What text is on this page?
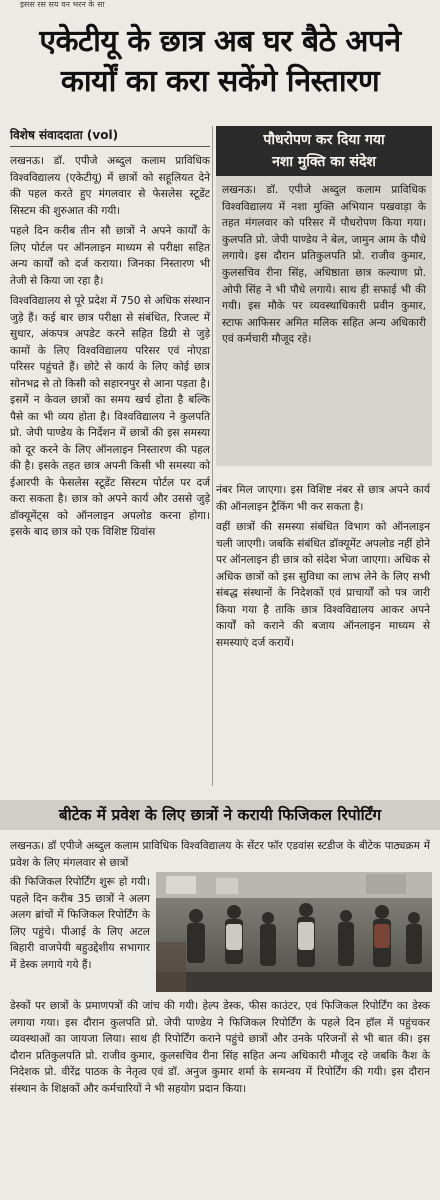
इसस रस सय वन भरन के सा
एकेटीयू के छात्र अब घर बैठे अपने
कार्यों का करा सकेंगे निस्तारण
विशेष संवाददाता (vol)

लखनऊ। डॉ. एपीजे अब्दुल कलाम प्राविधिक विश्वविद्यालय (एकेटीयू) में छात्रों को सहूलियत देने की पहल करते हुए मंगलवार से फेसलेस स्टूडेंट सिस्टम की शुरुआत की गयी।

पहले दिन करीब तीन सौ छात्रों ने अपने कार्यों के लिए पोर्टल पर ऑनलाइन माध्यम से परीक्षा सहित अन्य कार्यों को दर्ज कराया। जिनका निस्तारण भी तेजी से किया जा रहा है।

विश्वविद्यालय से पूरे प्रदेश में 750 से अधिक संस्थान जुड़े हैं। कई बार छात्र परीक्षा से संबंधित, रिजल्ट में सुधार, अंकपत्र अपडेट करने सहित डिग्री से जुड़े कामों के लिए विश्वविद्यालय परिसर एवं नोएडा परिसर पहुंचते हैं। छोटे से कार्य के लिए कोई छात्र सोनभद्र से तो किसी को सहारनपुर से आना पड़ता है। इसमें न केवल छात्रों का समय खर्च होता है बल्कि पैसे का भी व्यय होता है। विश्वविद्यालय ने कुलपति प्रो. जेपी पाण्डेय के निर्देशन में छात्रों की इस समस्या को दूर करने के लिए ऑनलाइन निस्तारण की पहल की है। इसके तहत छात्र अपनी किसी भी समस्या को ईआरपी के फेसलेस स्टूडेंट सिस्टम पोर्टल पर दर्ज करा सकता है। छात्र को अपने कार्य और उससे जुड़े डॉक्यूमेंट्स को ऑनलाइन अपलोड करना होगा। इसके बाद छात्र को एक विशिष्ट ग्रिवांस

पौधरोपण कर दिया गया
नशा मुक्ति का संदेश

लखनऊ। डॉ. एपीजे अब्दुल कलाम प्राविधिक विश्वविद्यालय में नशा मुक्ति अभियान पखवाड़ा के तहत मंगलवार को परिसर में पौधरोपण किया गया। कुलपति प्रो. जेपी पाण्डेय ने बेल, जामुन आम के पौधे लगाये। इस दौरान प्रतिकुलपति प्रो. राजीव कुमार, कुलसचिव रीना सिंह, अधिष्ठाता छात्र कल्याण प्रो. ओपी सिंह ने भी पौधे लगाये। साथ ही सफाई भी की गयी। इस मौके पर व्यवस्थाधिकारी प्रवीन कुमार, स्टाफ आफिसर अमित मलिक सहित अन्य अधिकारी एवं कर्मचारी मौजूद रहे।

नंबर मिल जाएगा। इस विशिष्ट नंबर से छात्र अपने कार्य की ऑनलाइन ट्रैकिंग भी कर सकता है।

वहीं छात्रों की समस्या संबंधित विभाग को ऑनलाइन चली जाएगी। जबकि संबंधित डॉक्यूमेंट अपलोड नहीं होने पर ऑनलाइन ही छात्र को संदेश भेजा जाएगा। अधिक से अधिक छात्रों को इस सुविधा का लाभ लेने के लिए सभी संबद्ध संस्थानों के निदेशकों एवं प्राचार्यों को पत्र जारी किया गया है ताकि छात्र विश्वविद्यालय आकर अपने कार्यों को कराने की बजाय ऑनलाइन माध्यम से समस्याएं दर्ज करायें।

बीटेक में प्रवेश के लिए छात्रों ने करायी फिजिकल रिपोर्टिंग
लखनऊ। डॉ एपीजे अब्दुल कलाम प्राविधिक विश्वविद्यालय के सेंटर फॉर एडवांस स्टडीज के बीटेक पाठ्यक्रम में प्रवेश के लिए मंगलवार से छात्रों

की फिजिकल रिपोर्टिंग शुरू हो गयी। पहले दिन करीब 35 छात्रों ने अलग अलग ब्रांचों में फिजिकल रिपोर्टिंग के लिए पहुंचे। पीआई के लिए अटल बिहारी वाजपेयी बहुउद्देशीय सभागार में डेस्क लगाये गये हैं।

डेस्कों पर छात्रों के प्रमाणपत्रों की जांच की गयी। हेल्प डेस्क, फीस काउंटर, एवं फिजिकल रिपोर्टिंग का डेस्क लगाया गया। इस दौरान कुलपति प्रो. जेपी पाण्डेय ने फिजिकल रिपोर्टिंग के पहले दिन हॉल में पहुंचकर व्यवस्थाओं का जायजा लिया। साथ ही रिपोर्टिंग कराने पहुंचे छात्रों और उनके परिजनों से भी बात की। इस दौरान प्रतिकुलपति प्रो. राजीव कुमार, कुलसचिव रीना सिंह सहित अन्य अधिकारी मौजूद रहे जबकि कैश के निदेशक प्रो. वीरेंद्र पाठक के नेतृत्व एवं डॉ. अनुज कुमार शर्मा के समन्वय में रिपोर्टिंग की गयी। इस दौरान संस्थान के शिक्षकों और कर्मचारियों ने भी सहयोग प्रदान किया।
